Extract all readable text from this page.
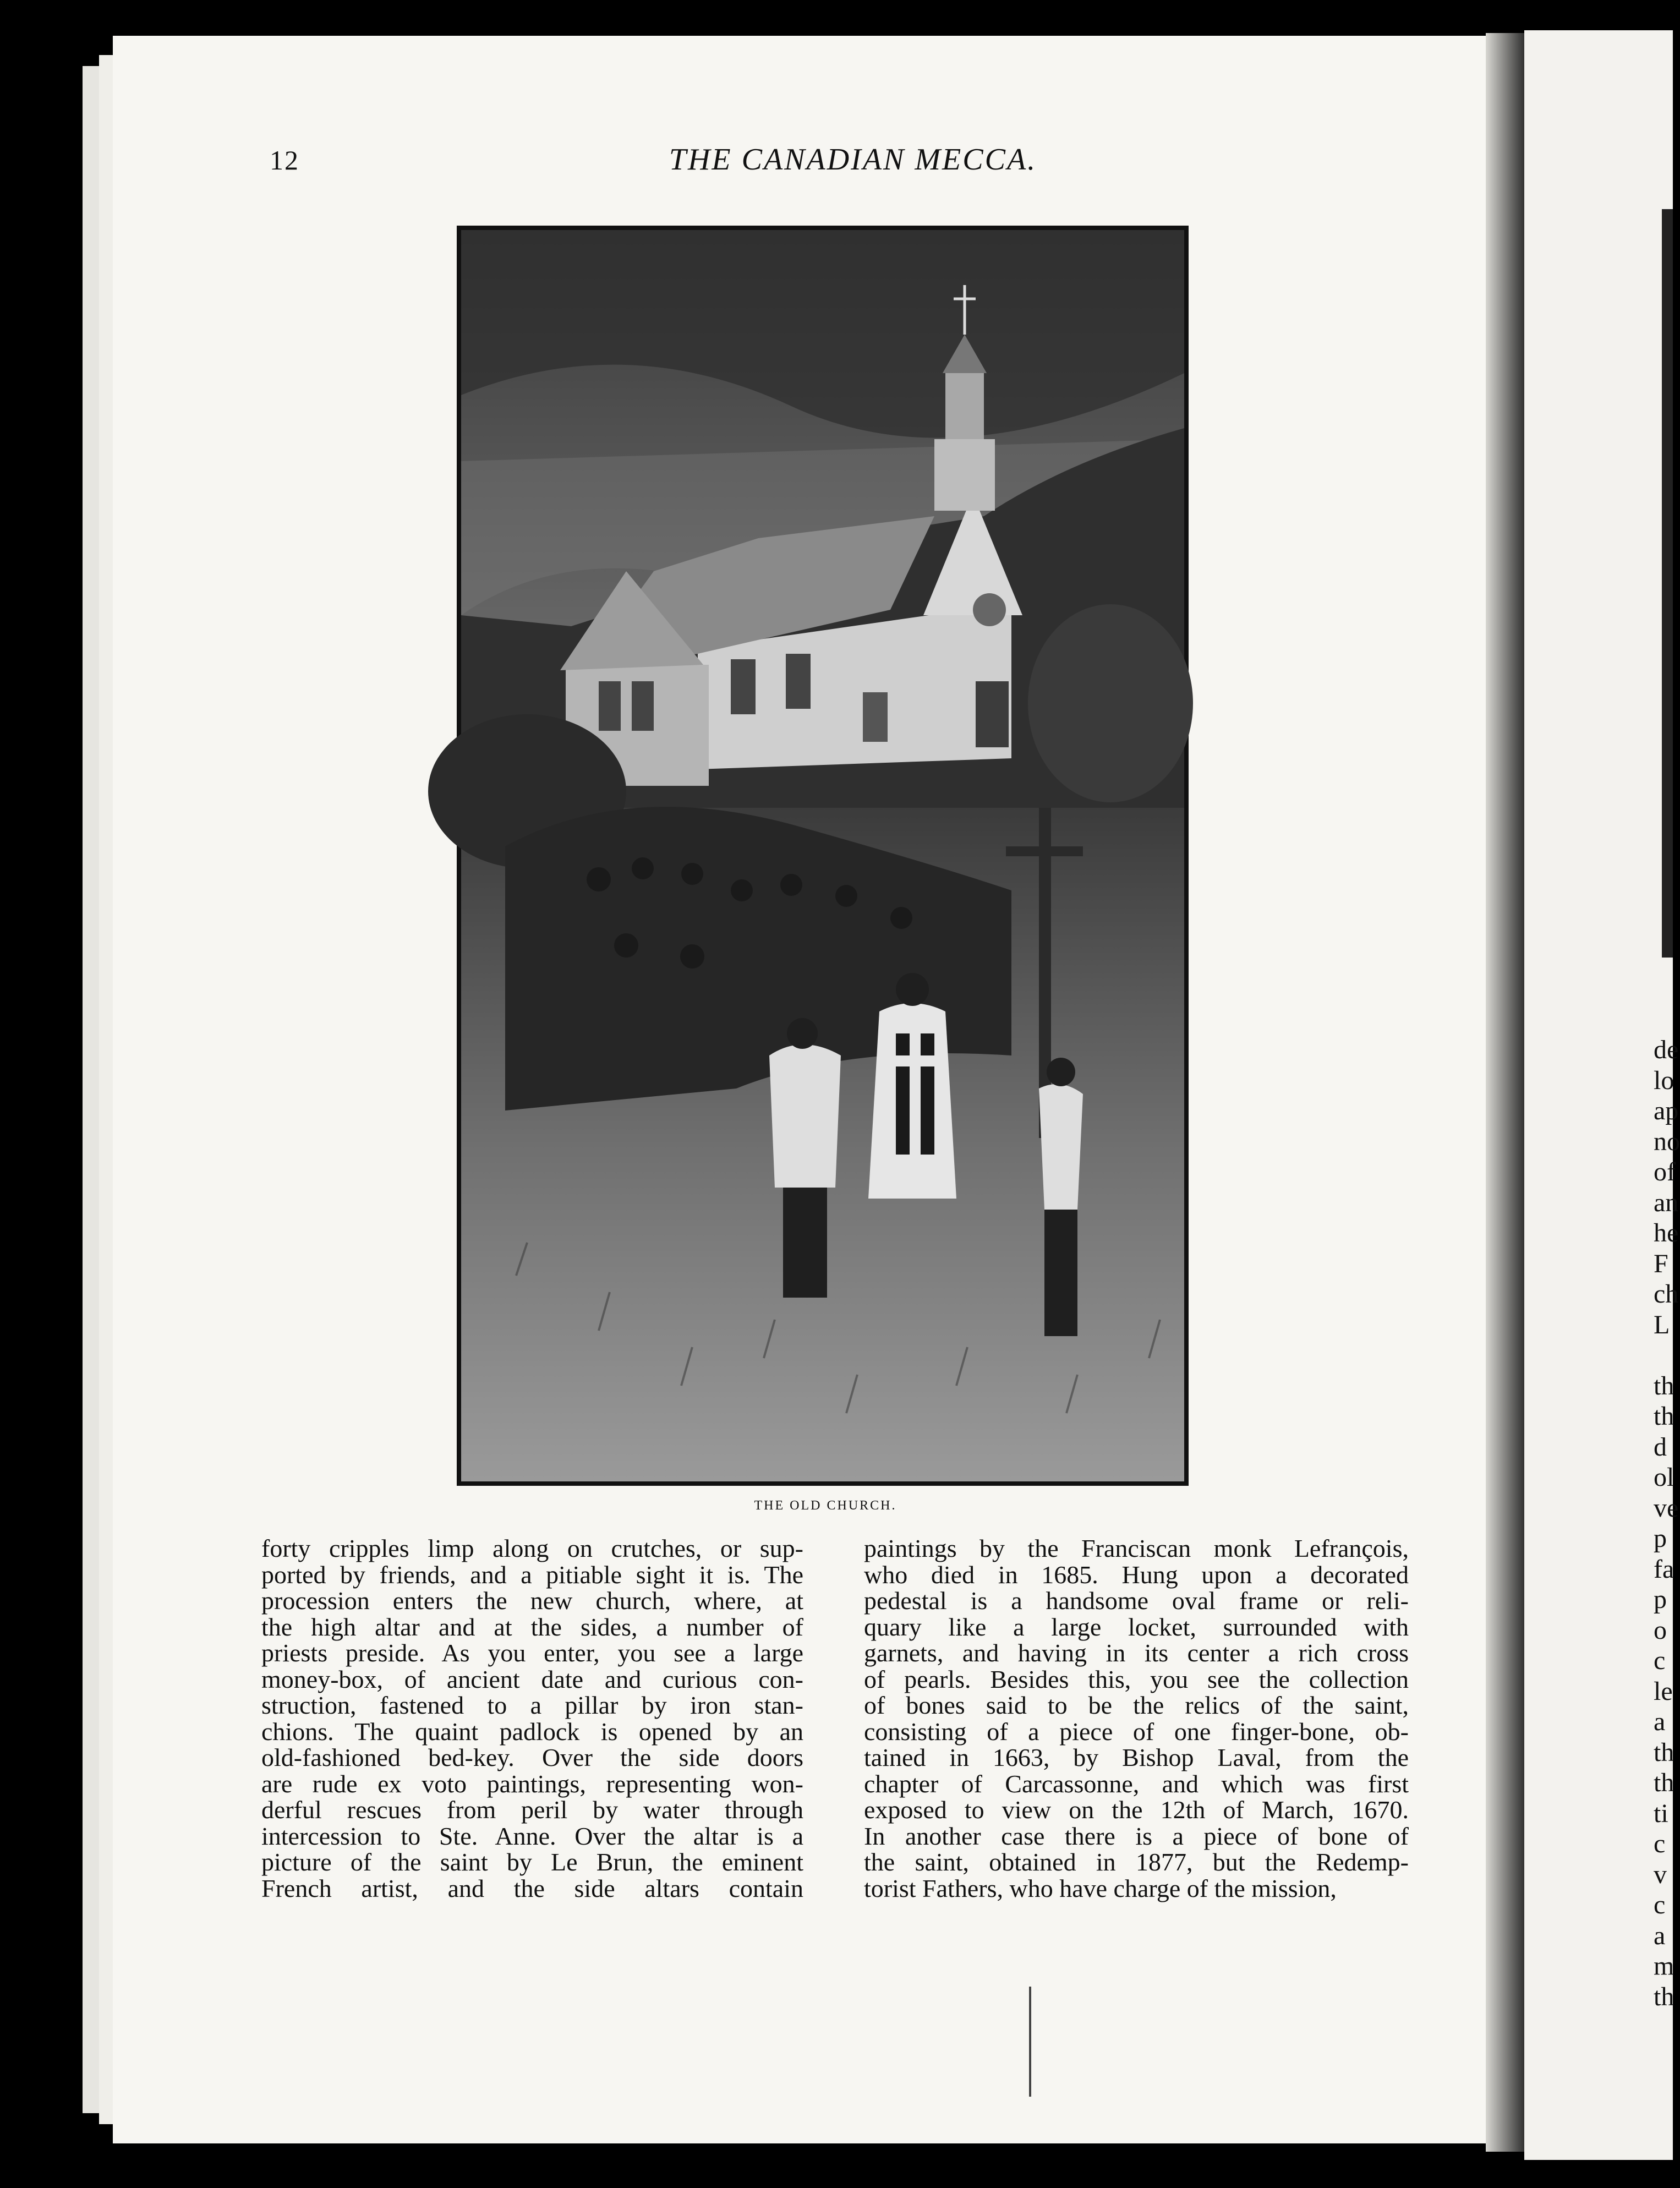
de
lo
ap
no
of
an
he
F
ch
L
th
th
d
ol
ve
p
fa
p
o
c
le
a
th
th
ti
c
v
c
a
m
th
12	THE CANADIAN MECCA.
THE OLD CHURCH.
forty cripples limp along on crutches, or sup-
ported by friends, and a pitiable sight it is. The
procession enters the new church, where, at
the high altar and at the sides, a number of
priests preside. As you enter, you see a large
money-box, of ancient date and curious con-
struction, fastened to a pillar by iron stan-
chions. The quaint padlock is opened by an
old-fashioned bed-key. Over the side doors
are rude ex voto paintings, representing won-
derful rescues from peril by water through
intercession to Ste. Anne. Over the altar is a
picture of the saint by Le Brun, the eminent
French artist, and the side altars contain
paintings by the Franciscan monk Lefrançois,
who died in 1685. Hung upon a decorated
pedestal is a handsome oval frame or reli-
quary like a large locket, surrounded with
garnets, and having in its center a rich cross
of pearls. Besides this, you see the collection
of bones said to be the relics of the saint,
consisting of a piece of one finger-bone, ob-
tained in 1663, by Bishop Laval, from the
chapter of Carcassonne, and which was first
exposed to view on the 12th of March, 1670.
In another case there is a piece of bone of
the saint, obtained in 1877, but the Redemp-
torist Fathers, who have charge of the mission,
